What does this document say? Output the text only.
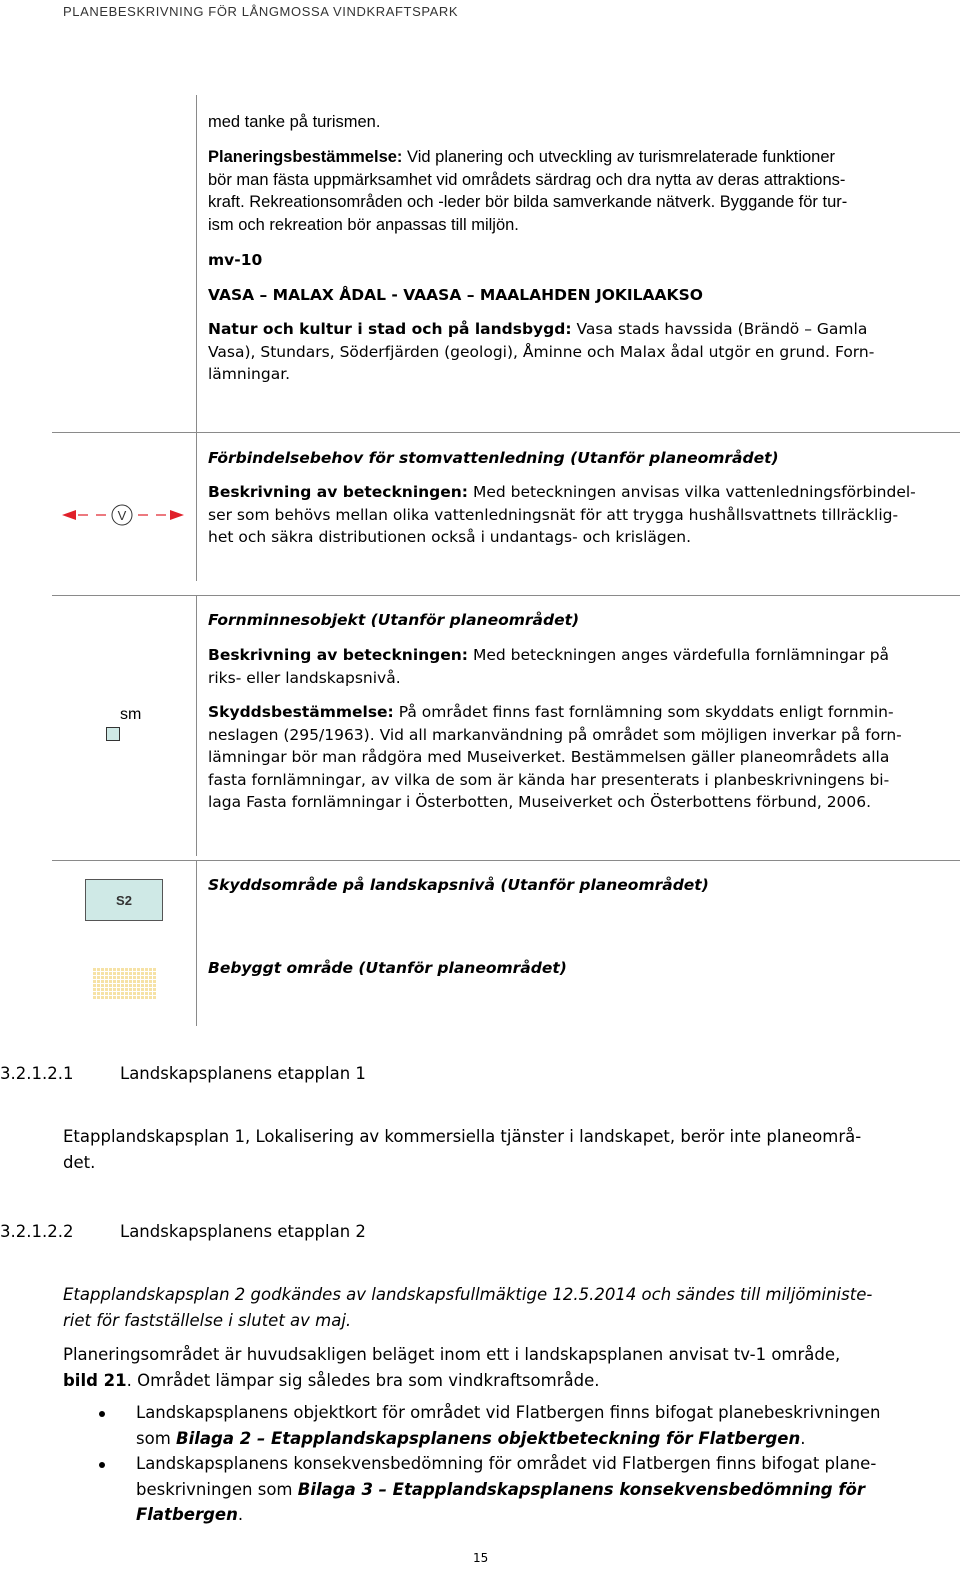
PLANEBESKRIVNING FÖR LÅNGMOSSA VINDKRAFTSPARK

med tanke på turismen.

Planeringsbestämmelse: Vid planering och utveckling av turismrelaterade funktioner
bör man fästa uppmärksamhet vid områdets särdrag och dra nytta av deras attraktions-
kraft. Rekreationsområden och -leder bör bilda samverkande nätverk. Byggande för tur-
ism och rekreation bör anpassas till miljön.

mv-10

VASA – MALAX ÅDAL - VAASA – MAALAHDEN JOKILAAKSO

Natur och kultur i stad och på landsbygd: Vasa stads havssida (Brändö – Gamla
Vasa), Stundars, Söderfjärden (geologi), Åminne och Malax ådal utgör en grund. Forn-
lämningar.
V

Förbindelsebehov för stomvattenledning (Utanför planeområdet)

Beskrivning av beteckningen: Med beteckningen anvisas vilka vattenledningsförbindel-
ser som behövs mellan olika vattenledningsnät för att trygga hushållsvattnets tillräcklig-
het och säkra distributionen också i undantags- och krislägen.
sm

Fornminnesobjekt (Utanför planeområdet)

Beskrivning av beteckningen: Med beteckningen anges värdefulla fornlämningar på
riks- eller landskapsnivå.
Skyddsbestämmelse: På området finns fast fornlämning som skyddats enligt fornmin-
neslagen (295/1963). Vid all markanvändning på området som möjligen inverkar på forn-
lämningar bör man rådgöra med Museiverket. Bestämmelsen gäller planeområdets alla
fasta fornlämningar, av vilka de som är kända har presenterats i planbeskrivningens bi-
laga Fasta fornlämningar i Österbotten, Museiverket och Österbottens förbund, 2006.
S2

Skyddsområde på landskapsnivå (Utanför planeområdet)

Bebyggt område (Utanför planeområdet)

3.2.1.2.1	Landskapsplanens etapplan 1
Etapplandskapsplan 1, Lokalisering av kommersiella tjänster i landskapet, berör inte planeområ-
det.
3.2.1.2.2	Landskapsplanens etapplan 2
Etapplandskapsplan 2 godkändes av landskapsfullmäktige 12.5.2014 och sändes till miljöministe-
riet för fastställelse i slutet av maj.
Planeringsområdet är huvudsakligen beläget inom ett i landskapsplanen anvisat tv-1 område,
bild 21. Området lämpar sig således bra som vindkraftsområde.
Landskapsplanens objektkort för området vid Flatbergen finns bifogat planebeskrivningen
som Bilaga 2 – Etapplandskapsplanens objektbeteckning för Flatbergen.
Landskapsplanens konsekvensbedömning för området vid Flatbergen finns bifogat plane-
beskrivningen som Bilaga 3 – Etapplandskapsplanens konsekvensbedömning för
Flatbergen.
15
